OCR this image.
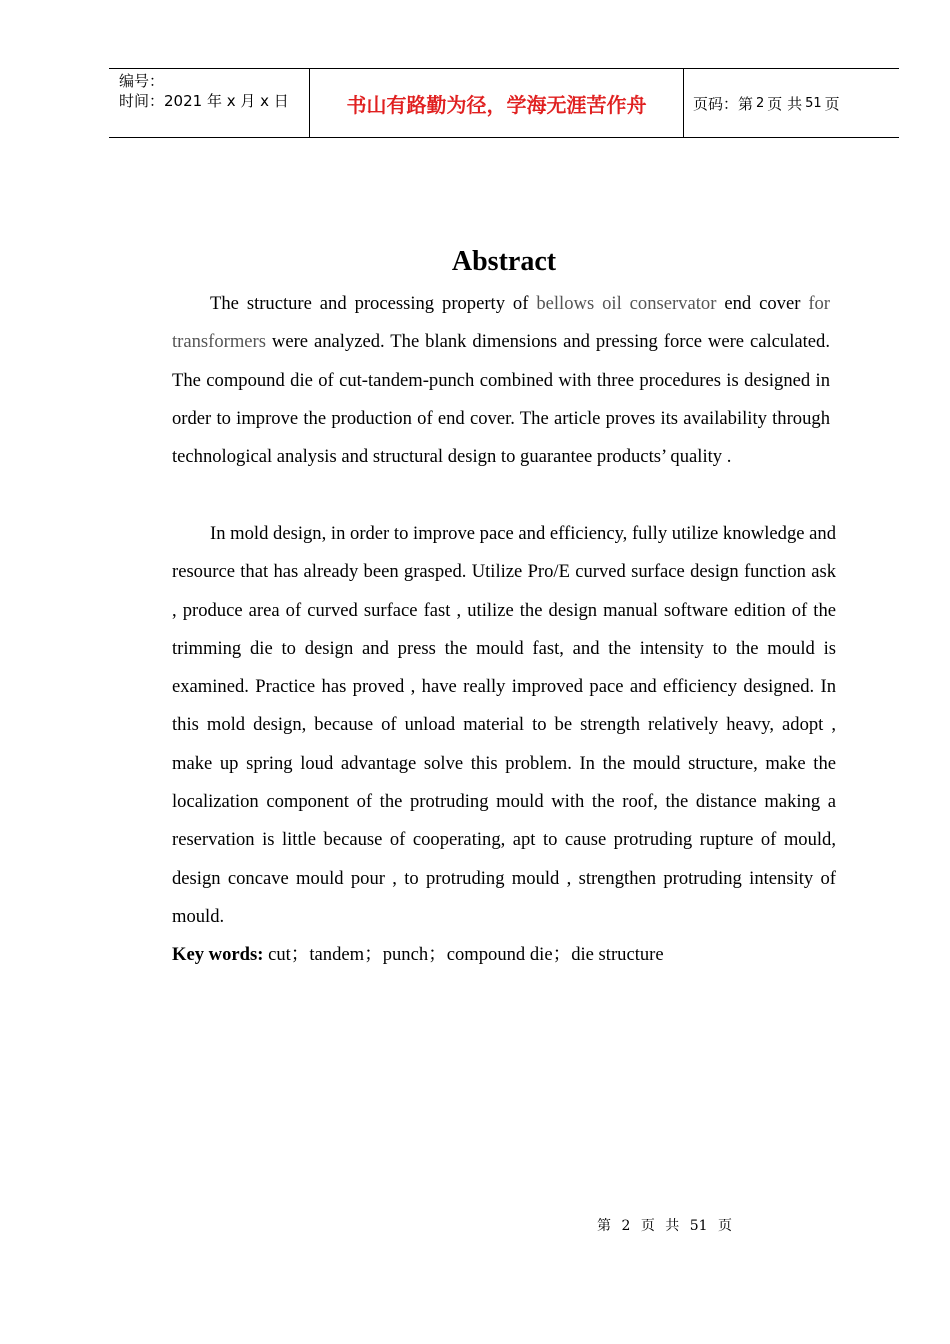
编号：
时间：2021 年 x 月 x 日	书山有路勤为径，学海无涯苦作舟	页码：第 2 页 共 51 页
Abstract

The structure and processing property of bellows oil conservator end cover for transformers were analyzed. The blank dimensions and pressing force were calculated. The compound die of cut-tandem-punch combined with three procedures is designed in order to improve the production of end cover. The article proves its availability through technological analysis and structural design to guarantee products’ quality .

In mold design, in order to improve pace and efficiency, fully utilize knowledge and resource that has already been grasped. Utilize Pro/E curved surface design function ask , produce area of curved surface fast , utilize the design manual software edition of the trimming die to design and press the mould fast, and the intensity to the mould is examined. Practice has proved , have really improved pace and efficiency designed. In this mold design, because of unload material to be strength relatively heavy, adopt , make up spring loud advantage solve this problem. In the mould structure, make the localization component of the protruding mould with the roof, the distance making a reservation is little because of cooperating, apt to cause protruding rupture of mould, design concave mould pour , to protruding mould , strengthen protruding intensity of mould.

Key words: cut；tandem；punch；compound die；die structure
第 2 页 共 51 页
